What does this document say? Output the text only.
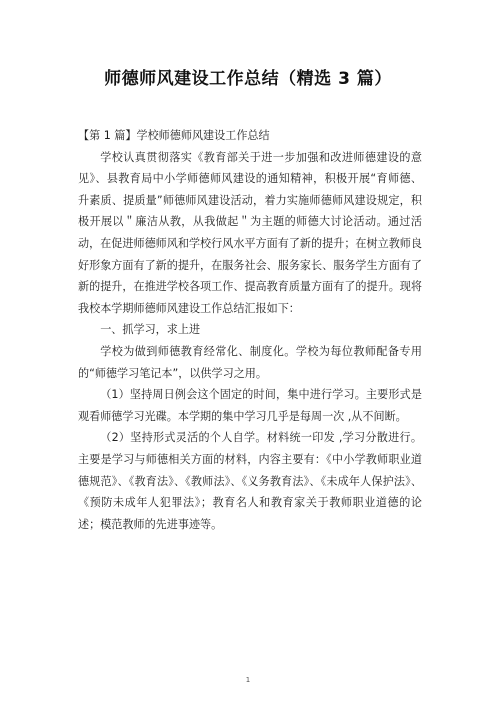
师德师风建设工作总结（精选 3 篇）

【第 1 篇】学校师德师风建设工作总结

学校认真贯彻落实《教育部关于进一步加强和改进师德建设的意见》、县教育局中小学师德师风建设的通知精神，积极开展“育师德、升素质、提质量”师德师风建设活动，着力实施师德师风建设规定，积极开展以＂廉洁从教，从我做起＂为主题的师德大讨论活动。通过活动，在促进师德师风和学校行风水平方面有了新的提升；在树立教师良好形象方面有了新的提升，在服务社会、服务家长、服务学生方面有了新的提升，在推进学校各项工作、提高教育质量方面有了的提升。现将我校本学期师德师风建设工作总结汇报如下：

一、抓学习，求上进

学校为做到师德教育经常化、制度化。学校为每位教师配备专用的“师德学习笔记本”，以供学习之用。

（1）坚持周日例会这个固定的时间，集中进行学习。主要形式是观看师德学习光碟。本学期的集中学习几乎是每周一次 ,从不间断。

（2）坚持形式灵活的个人自学。材料统一印发 ,学习分散进行。主要是学习与师德相关方面的材料，内容主要有：《中小学教师职业道德规范》、《教育法》、《教师法》、《义务教育法》、《未成年人保护法》、《预防未成年人犯罪法》；教育名人和教育家关于教师职业道德的论述；模范教师的先进事迹等。

1
